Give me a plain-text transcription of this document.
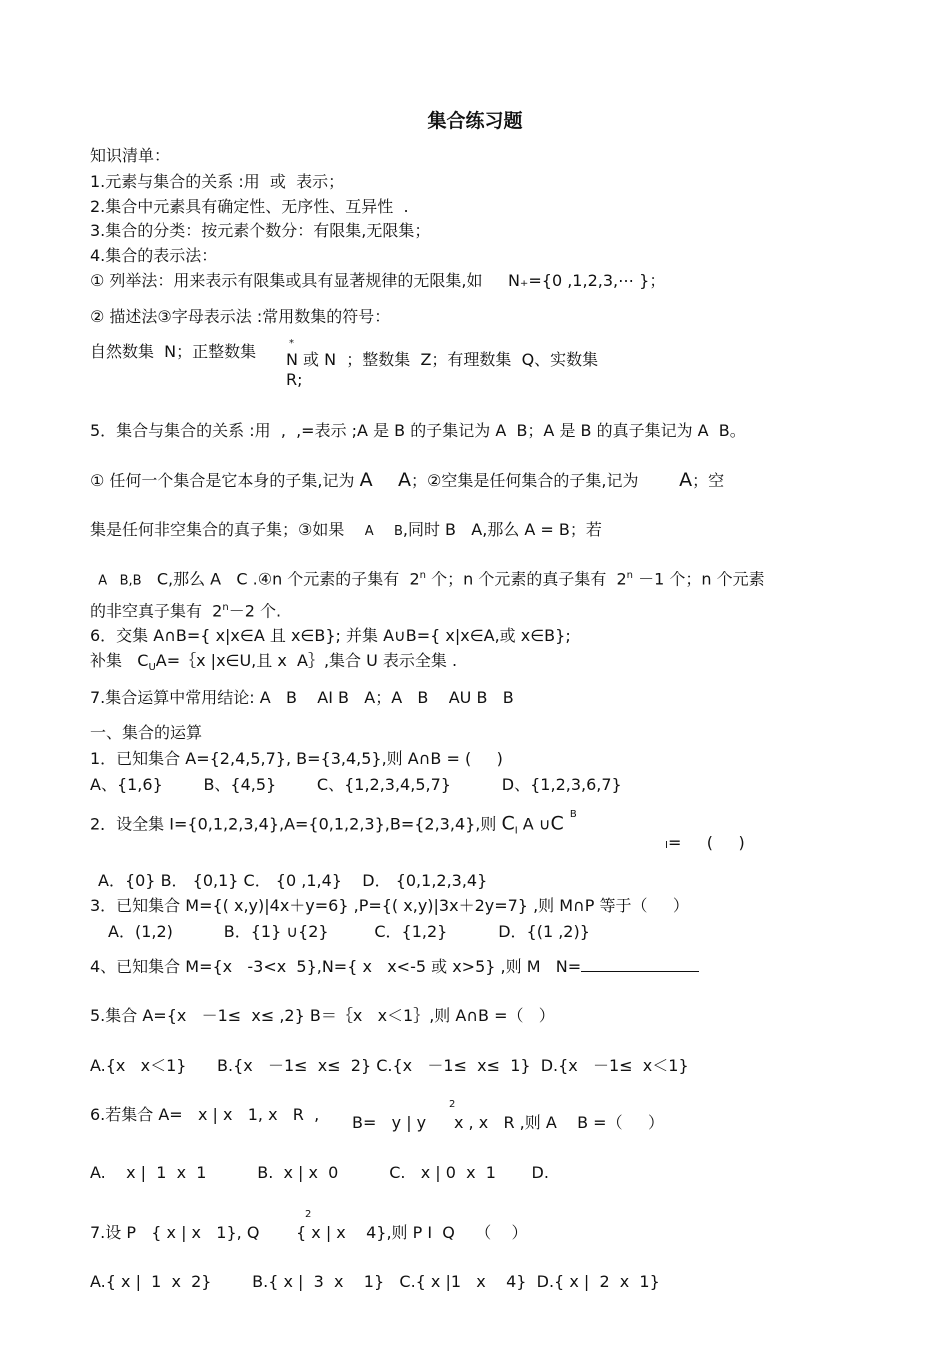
集合练习题
知识清单：
1.元素与集合的关系 :用  或  表示；
2.集合中元素具有确定性、无序性、互异性  .
3.集合的分类：按元素个数分：有限集,无限集；
4.集合的表示法：
① 列举法：用来表示有限集或具有显著规律的无限集,如     N₊={0 ,1,2,3,⋯ }；
② 描述法③字母表示法 :常用数集的符号：
自然数集  N；正整数集	*
N 或 N  ；整数集  Z；有理数集  Q、实数集
R;
5．集合与集合的关系 :用  ,  ,=表示 ;A 是 B 的子集记为 A  B；A 是 B 的真子集记为 A  B。
① 任何一个集合是它本身的子集,记为 A A；②空集是任何集合的子集,记为 A；空
集是任何非空集合的真子集；③如果 A B,同时 B   A,那么 A = B；若
A B,B C,那么 A   C .④n 个元素的子集有  2$^n$ 个；n 个元素的真子集有  $2^n -1$ 个；n 个元素
的非空真子集有  $2^n-2$ 个.
6．交集 A∩B={ x|x∈A 且 x∈B}; 并集 A∪B={ x|x∈A,或 x∈B};
补集   $C_UA=\{x$ |x∈U,且 x  A｝,集合 U 表示全集 .
7.集合运算中常用结论: A   B    AI B   A；A   B    AU B   B
一、集合的运算
1．已知集合 A={2,4,5,7}, B={3,4,5},则 A∩B = (     )
A、{1,6}        B、{4,5}        C、{1,2,3,4,5,7}          D、{1,2,3,6,7}
2．设全集 I={0,1,2,3,4},A={0,1,2,3},B={2,3,4},则 $C_I$ A ∪C $^B$
I=     (     )
A．{0} B． {0,1} C． {0 ,1,4}    D． {0,1,2,3,4}
3．已知集合 M={( x,y)|4x＋y=6} ,P={( x,y)|3x＋2y=7} ,则 M∩P 等于（     ）
A．(1,2)          B．{1} ∪{2}         C．{1,2}          D．{(1 ,2)}
4、已知集合 M={x   -3<x  5},N={ x   x<-5 或 x>5} ,则 M   N=
5.集合 A={x   －1≤  x≤ ,2} B＝｛x   x＜1｝,则 A∩B =（   ）
A.{x   x＜1}      B.{x   －1≤  x≤  2} C.{x   －1≤  x≤  1}  D.{x   －1≤  x＜1}
6.若集合 A=   x | x   1, x   R  , B=   y | y
2
x , x   R ,则 A    B =（     ）
A.    x |  1  x  1          B.  x | x  0          C.   x | 0  x  1       D.
7.设 P   { x | x   1}, Q
2
{ x | x    4},则 P I  Q    （    ）
A.{ x |  1  x  2}        B.{ x |  3  x    1}   C.{ x |1   x    4}  D.{ x |  2  x  1}
